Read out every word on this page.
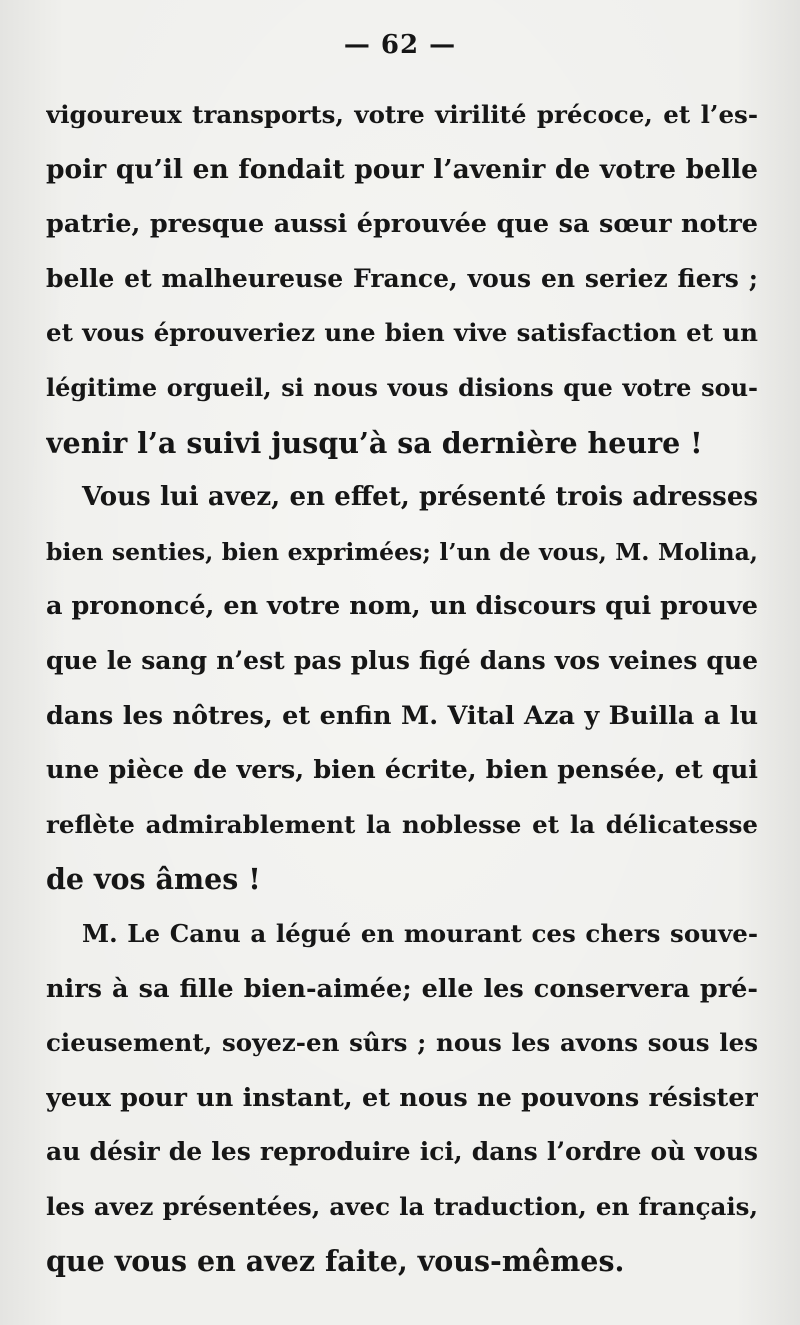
— 62 —
vigoureux transports, votre virilité précoce, et l’es-
poir qu’il en fondait pour l’avenir de votre belle
patrie, presque aussi éprouvée que sa sœur notre
belle et malheureuse France, vous en seriez fiers ;
et vous éprouveriez une bien vive satisfaction et un
légitime orgueil, si nous vous disions que votre sou-
venir l’a suivi jusqu’à sa dernière heure !
Vous lui avez, en effet, présenté trois adresses
bien senties, bien exprimées; l’un de vous, M. Molina,
a prononcé, en votre nom, un discours qui prouve
que le sang n’est pas plus figé dans vos veines que
dans les nôtres, et enfin M. Vital Aza y Builla a lu
une pièce de vers, bien écrite, bien pensée, et qui
reflète admirablement la noblesse et la délicatesse
de vos âmes !
M. Le Canu a légué en mourant ces chers souve-
nirs à sa fille bien-aimée; elle les conservera pré-
cieusement, soyez-en sûrs ; nous les avons sous les
yeux pour un instant, et nous ne pouvons résister
au désir de les reproduire ici, dans l’ordre où vous
les avez présentées, avec la traduction, en français,
que vous en avez faite, vous-mêmes.
